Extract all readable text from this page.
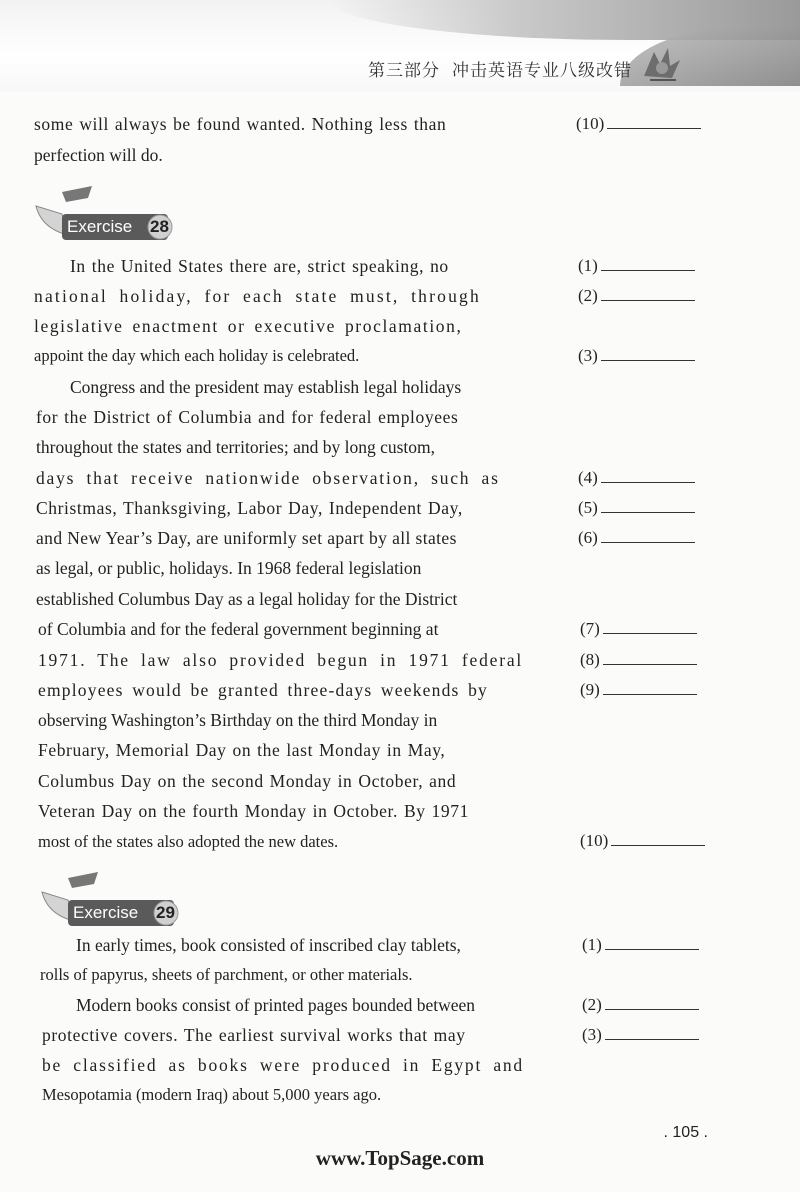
第三部分 冲击英语专业八级改错
some will always be found wanted. Nothing less than
perfection will do.
(10)
Exercise 28
In the United States there are, strict speaking, no
national holiday, for each state must, through
legislative enactment or executive proclamation,
appoint the day which each holiday is celebrated.
Congress and the president may establish legal holidays
for the District of Columbia and for federal employees
throughout the states and territories; and by long custom,
days that receive nationwide observation, such as
Christmas, Thanksgiving, Labor Day, Independent Day,
and New Year’s Day, are uniformly set apart by all states
as legal, or public, holidays. In 1968 federal legislation
established Columbus Day as a legal holiday for the District
of Columbia and for the federal government beginning at
1971. The law also provided begun in 1971 federal
employees would be granted three-days weekends by
observing Washington’s Birthday on the third Monday in
February, Memorial Day on the last Monday in May,
Columbus Day on the second Monday in October, and
Veteran Day on the fourth Monday in October. By 1971
most of the states also adopted the new dates.
(1)
(2)
(3)
(4)
(5)
(6)
(7)
(8)
(9)
(10)
Exercise 29
In early times, book consisted of inscribed clay tablets,
rolls of papyrus, sheets of parchment, or other materials.
Modern books consist of printed pages bounded between
protective covers. The earliest survival works that may
be classified as books were produced in Egypt and
Mesopotamia (modern Iraq) about 5,000 years ago.
(1)
(2)
(3)
. 105 .
www.TopSage.com
